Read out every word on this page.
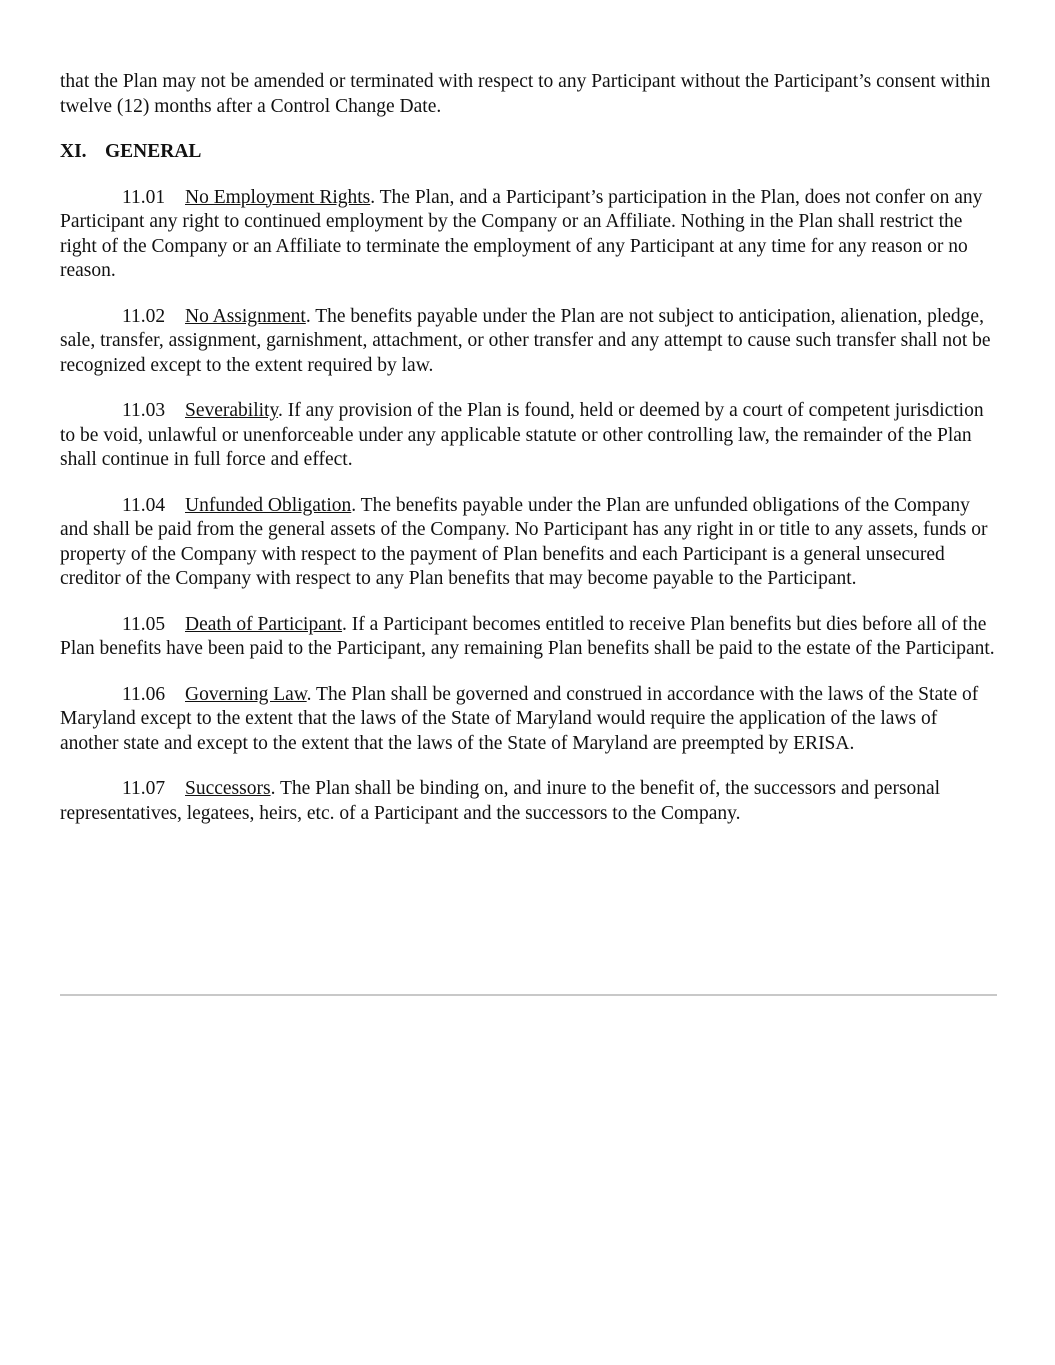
that the Plan may not be amended or terminated with respect to any Participant without the Participant’s consent within twelve (12) months after a Control Change Date.

XI. GENERAL

11.01 No Employment Rights. The Plan, and a Participant’s participation in the Plan, does not confer on any Participant any right to continued employment by the Company or an Affiliate. Nothing in the Plan shall restrict the right of the Company or an Affiliate to terminate the employment of any Participant at any time for any reason or no reason.

11.02 No Assignment. The benefits payable under the Plan are not subject to anticipation, alienation, pledge, sale, transfer, assignment, garnishment, attachment, or other transfer and any attempt to cause such transfer shall not be recognized except to the extent required by law.

11.03 Severability. If any provision of the Plan is found, held or deemed by a court of competent jurisdiction to be void, unlawful or unenforceable under any applicable statute or other controlling law, the remainder of the Plan shall continue in full force and effect.

11.04 Unfunded Obligation. The benefits payable under the Plan are unfunded obligations of the Company and shall be paid from the general assets of the Company. No Participant has any right in or title to any assets, funds or property of the Company with respect to the payment of Plan benefits and each Participant is a general unsecured creditor of the Company with respect to any Plan benefits that may become payable to the Participant.

11.05 Death of Participant. If a Participant becomes entitled to receive Plan benefits but dies before all of the Plan benefits have been paid to the Participant, any remaining Plan benefits shall be paid to the estate of the Participant.

11.06 Governing Law. The Plan shall be governed and construed in accordance with the laws of the State of Maryland except to the extent that the laws of the State of Maryland would require the application of the laws of another state and except to the extent that the laws of the State of Maryland are preempted by ERISA.

11.07 Successors. The Plan shall be binding on, and inure to the benefit of, the successors and personal representatives, legatees, heirs, etc. of a Participant and the successors to the Company.
